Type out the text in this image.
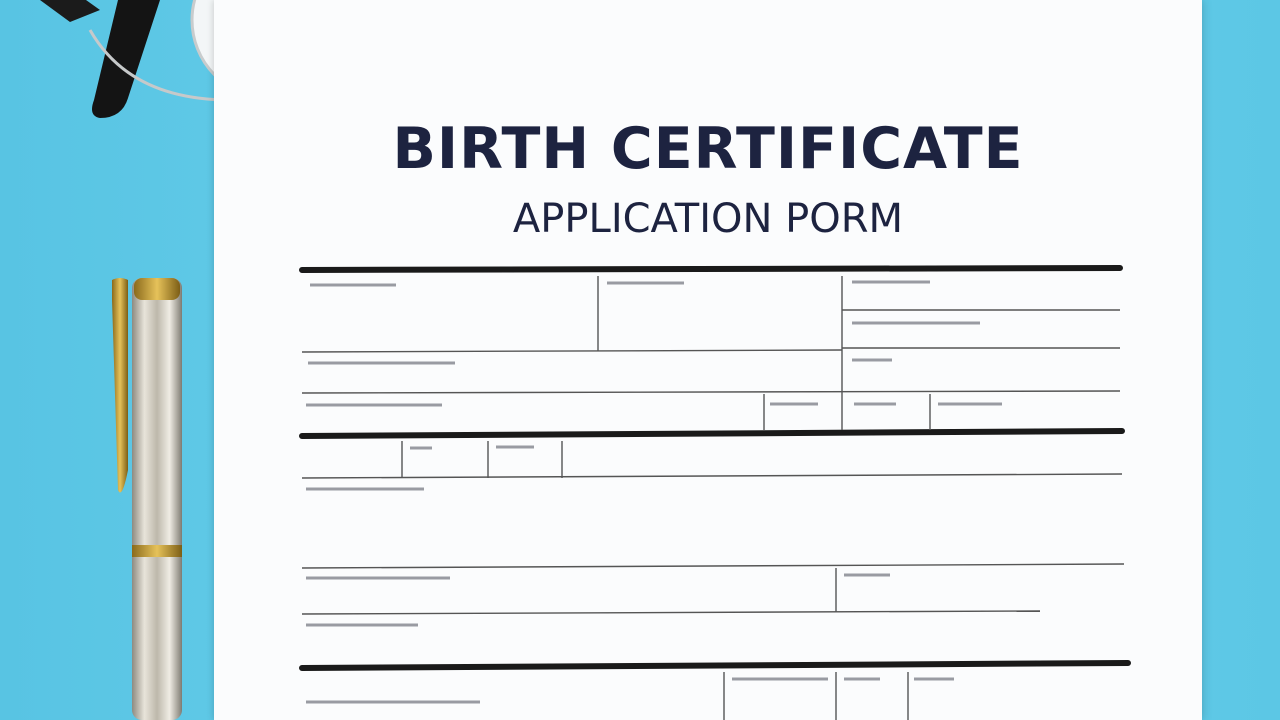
BIRTH CERTIFICATE
APPLICATION PORM
